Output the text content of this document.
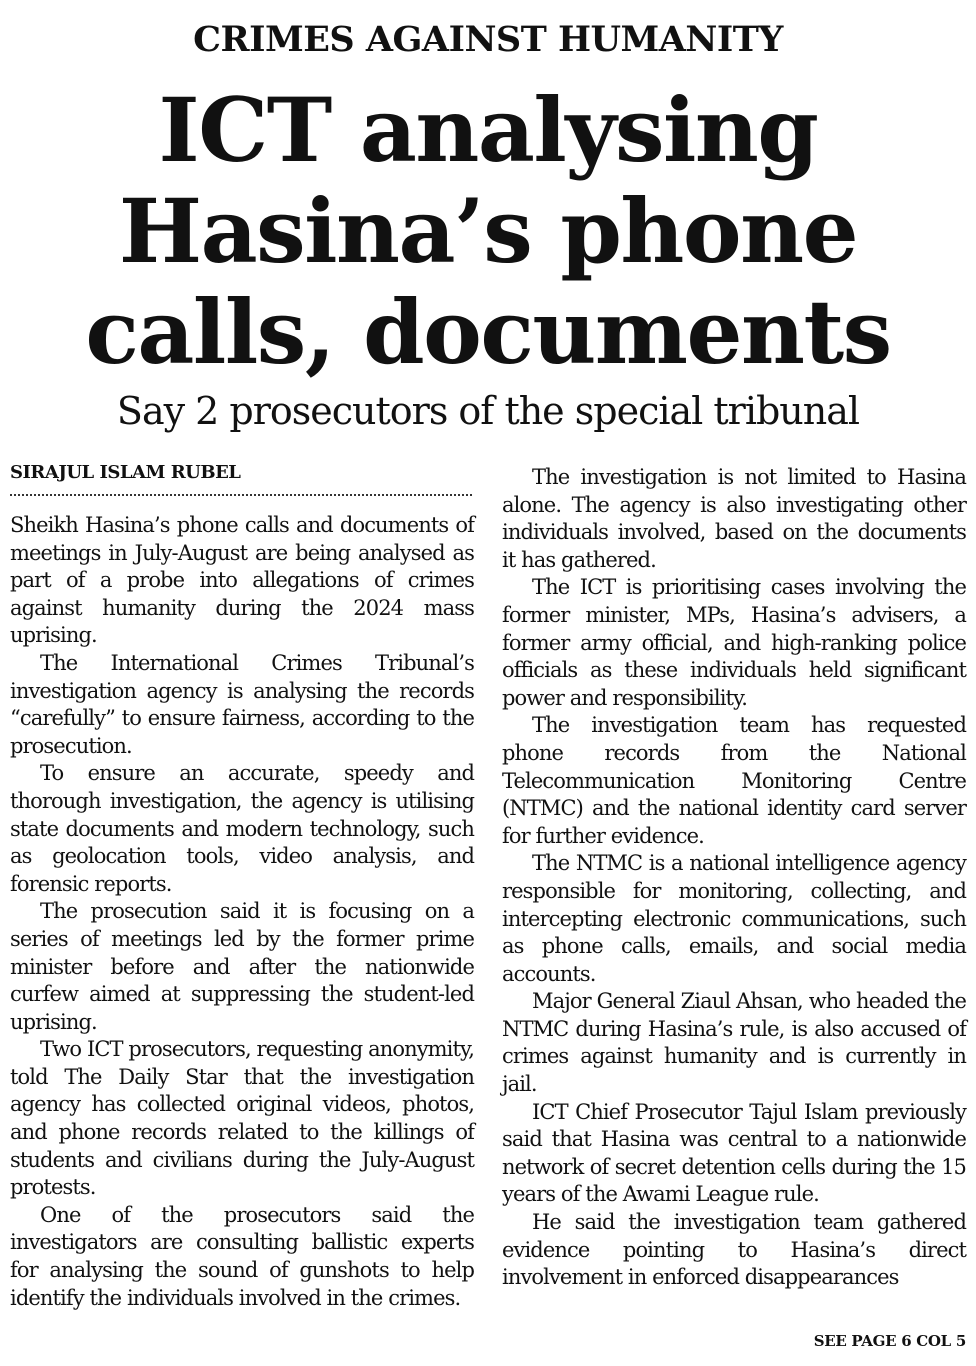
CRIMES AGAINST HUMANITY
ICT analysing
Hasina’s phone
calls, documents
Say 2 prosecutors of the special tribunal
SIRAJUL ISLAM RUBEL

Sheikh Hasina’s phone calls and documents of meetings in July-August are being analysed as part of a probe into allegations of crimes against humanity during the 2024 mass uprising.

The International Crimes Tribunal’s investigation agency is analysing the records “carefully” to ensure fairness, according to the prosecution.

To ensure an accurate, speedy and thorough investigation, the agency is utilising state documents and modern technology, such as geolocation tools, video analysis, and forensic reports.

The prosecution said it is focusing on a series of meetings led by the former prime minister before and after the nationwide curfew aimed at suppressing the student-led uprising.

Two ICT prosecutors, requesting anonymity, told The Daily Star that the investigation agency has collected original videos, photos, and phone records related to the killings of students and civilians during the July-August protests.

One of the prosecutors said the investigators are consulting ballistic experts for analysing the sound of gunshots to help identify the individuals involved in the crimes.

The investigation is not limited to Hasina alone. The agency is also investigating other individuals involved, based on the documents it has gathered.

The ICT is prioritising cases involving the former minister, MPs, Hasina’s advisers, a former army official, and high-ranking police officials as these individuals held significant power and responsibility.

The investigation team has requested phone records from the National Telecommunication Monitoring Centre (NTMC) and the national identity card server for further evidence.

The NTMC is a national intelligence agency responsible for monitoring, collecting, and intercepting electronic communications, such as phone calls, emails, and social media accounts.

Major General Ziaul Ahsan, who headed the NTMC during Hasina’s rule, is also accused of crimes against humanity and is currently in jail.

ICT Chief Prosecutor Tajul Islam previously said that Hasina was central to a nationwide network of secret detention cells during the 15 years of the Awami League rule.

He said the investigation team gathered evidence pointing to Hasina’s direct involvement in enforced disappearances

SEE PAGE 6 COL 5
